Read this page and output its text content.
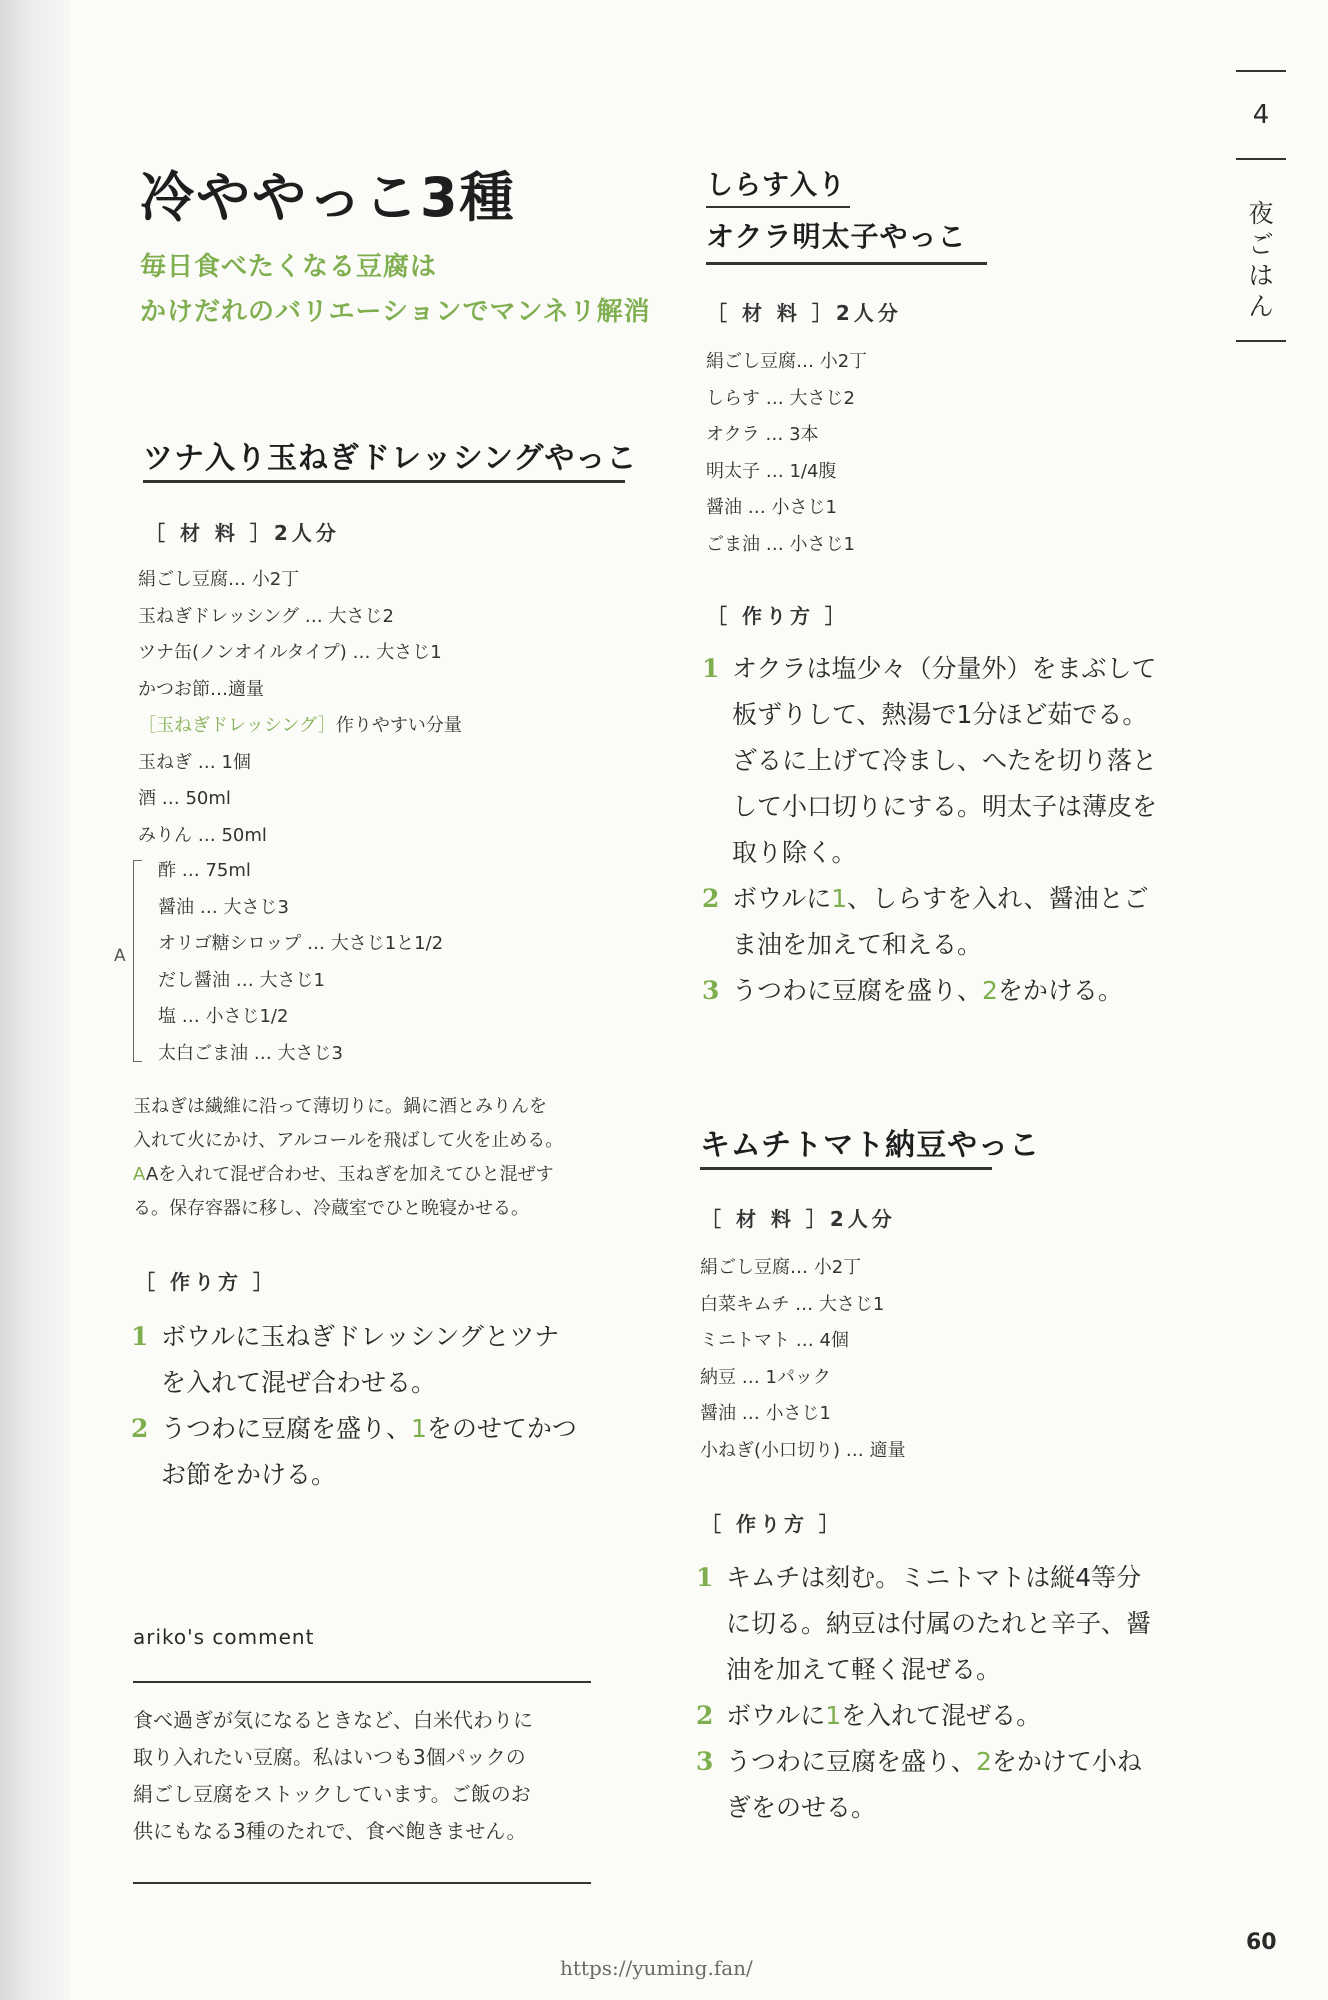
冷ややっこ3種
毎日食べたくなる豆腐は
かけだれのバリエーションでマンネリ解消
ツナ入り玉ねぎドレッシングやっこ
［ 材 料 ］2人分
絹ごし豆腐… 小2丁
玉ねぎドレッシング … 大さじ2
ツナ缶(ノンオイルタイプ) … 大さじ1
かつお節…適量
［玉ねぎドレッシング］作りやすい分量
玉ねぎ … 1個
酒 … 50ml
みりん … 50ml
A
酢 … 75ml
醤油 … 大さじ3
オリゴ糖シロップ … 大さじ1と1/2
だし醤油 … 大さじ1
塩 … 小さじ1/2
太白ごま油 … 大さじ3
玉ねぎは繊維に沿って薄切りに。鍋に酒とみりんを
入れて火にかけ、アルコールを飛ばして火を止める。
AAを入れて混ぜ合わせ、玉ねぎを加えてひと混ぜす
る。保存容器に移し、冷蔵室でひと晩寝かせる。
［ 作り方 ］
1 ボウルに玉ねぎドレッシングとツナ
を入れて混ぜ合わせる。
2 うつわに豆腐を盛り、1をのせてかつ
お節をかける。
ariko's comment
食べ過ぎが気になるときなど、白米代わりに
取り入れたい豆腐。私はいつも3個パックの
絹ごし豆腐をストックしています。ご飯のお
供にもなる3種のたれで、食べ飽きません。
しらす入り
オクラ明太子やっこ
［ 材 料 ］2人分
絹ごし豆腐… 小2丁
しらす … 大さじ2
オクラ … 3本
明太子 … 1/4腹
醤油 … 小さじ1
ごま油 … 小さじ1
［ 作り方 ］
1 オクラは塩少々（分量外）をまぶして
板ずりして、熱湯で1分ほど茹でる。
ざるに上げて冷まし、へたを切り落と
して小口切りにする。明太子は薄皮を
取り除く。
2 ボウルに1、しらすを入れ、醤油とご
ま油を加えて和える。
3 うつわに豆腐を盛り、2をかける。
キムチトマト納豆やっこ
［ 材 料 ］2人分
絹ごし豆腐… 小2丁
白菜キムチ … 大さじ1
ミニトマト … 4個
納豆 … 1パック
醤油 … 小さじ1
小ねぎ(小口切り) … 適量
［ 作り方 ］
1 キムチは刻む。ミニトマトは縦4等分
に切る。納豆は付属のたれと辛子、醤
油を加えて軽く混ぜる。
2 ボウルに1を入れて混ぜる。
3 うつわに豆腐を盛り、2をかけて小ね
ぎをのせる。
4
夜
ご
は
ん
60
https://yuming.fan/
